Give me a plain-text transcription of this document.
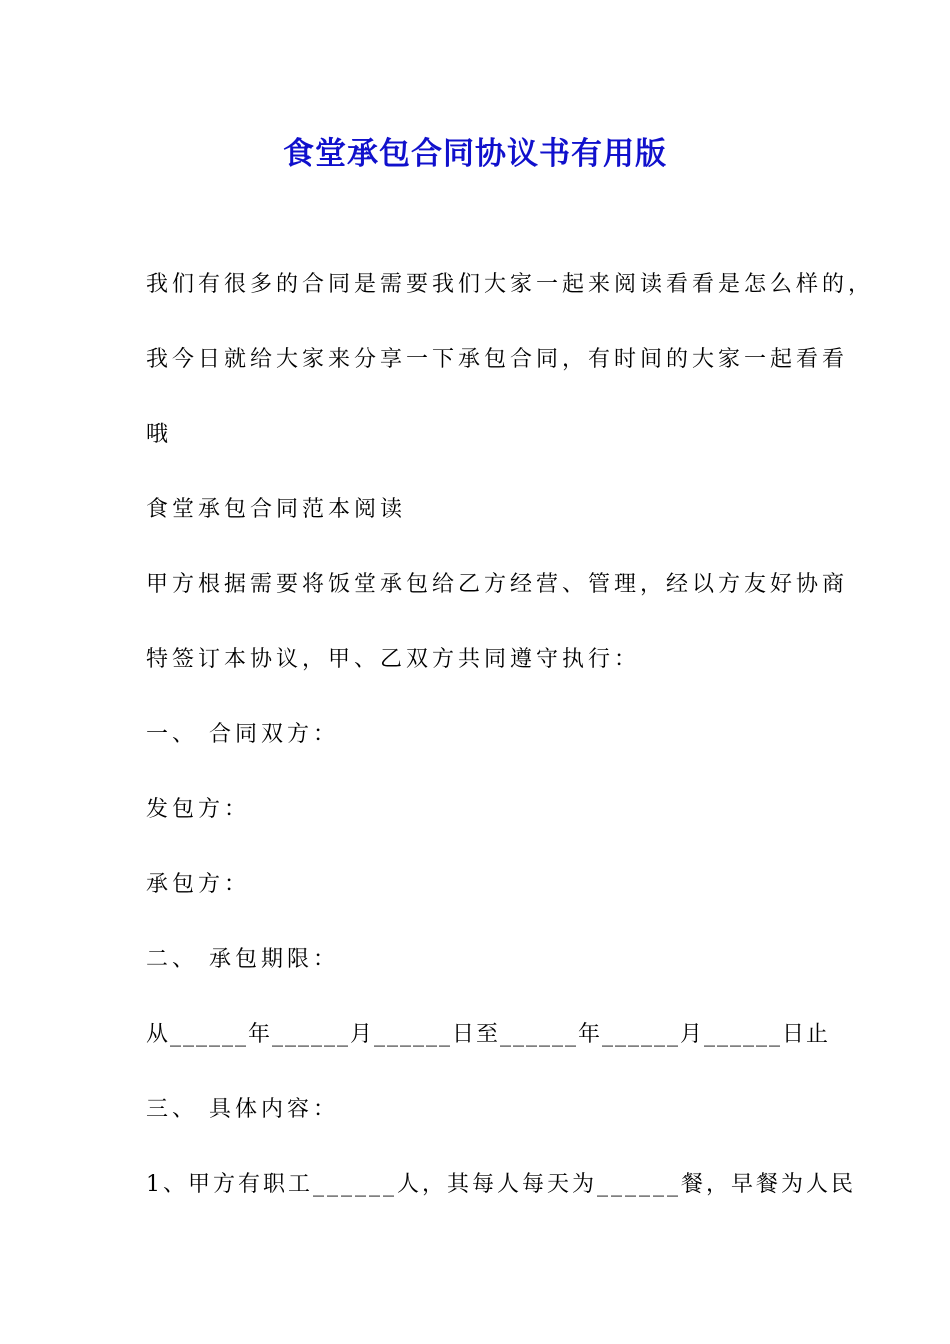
食堂承包合同协议书有用版
我们有很多的合同是需要我们大家一起来阅读看看是怎么样的，
我今日就给大家来分享一下承包合同，有时间的大家一起看看
哦
食堂承包合同范本阅读
甲方根据需要将饭堂承包给乙方经营、管理，经以方友好协商
特签订本协议，甲、乙双方共同遵守执行：
一、 合同双方：
发包方：
承包方：
二、 承包期限：
从______年______月______日至______年______月______日止
三、 具体内容：
1、甲方有职工______人，其每人每天为______餐，早餐为人民
